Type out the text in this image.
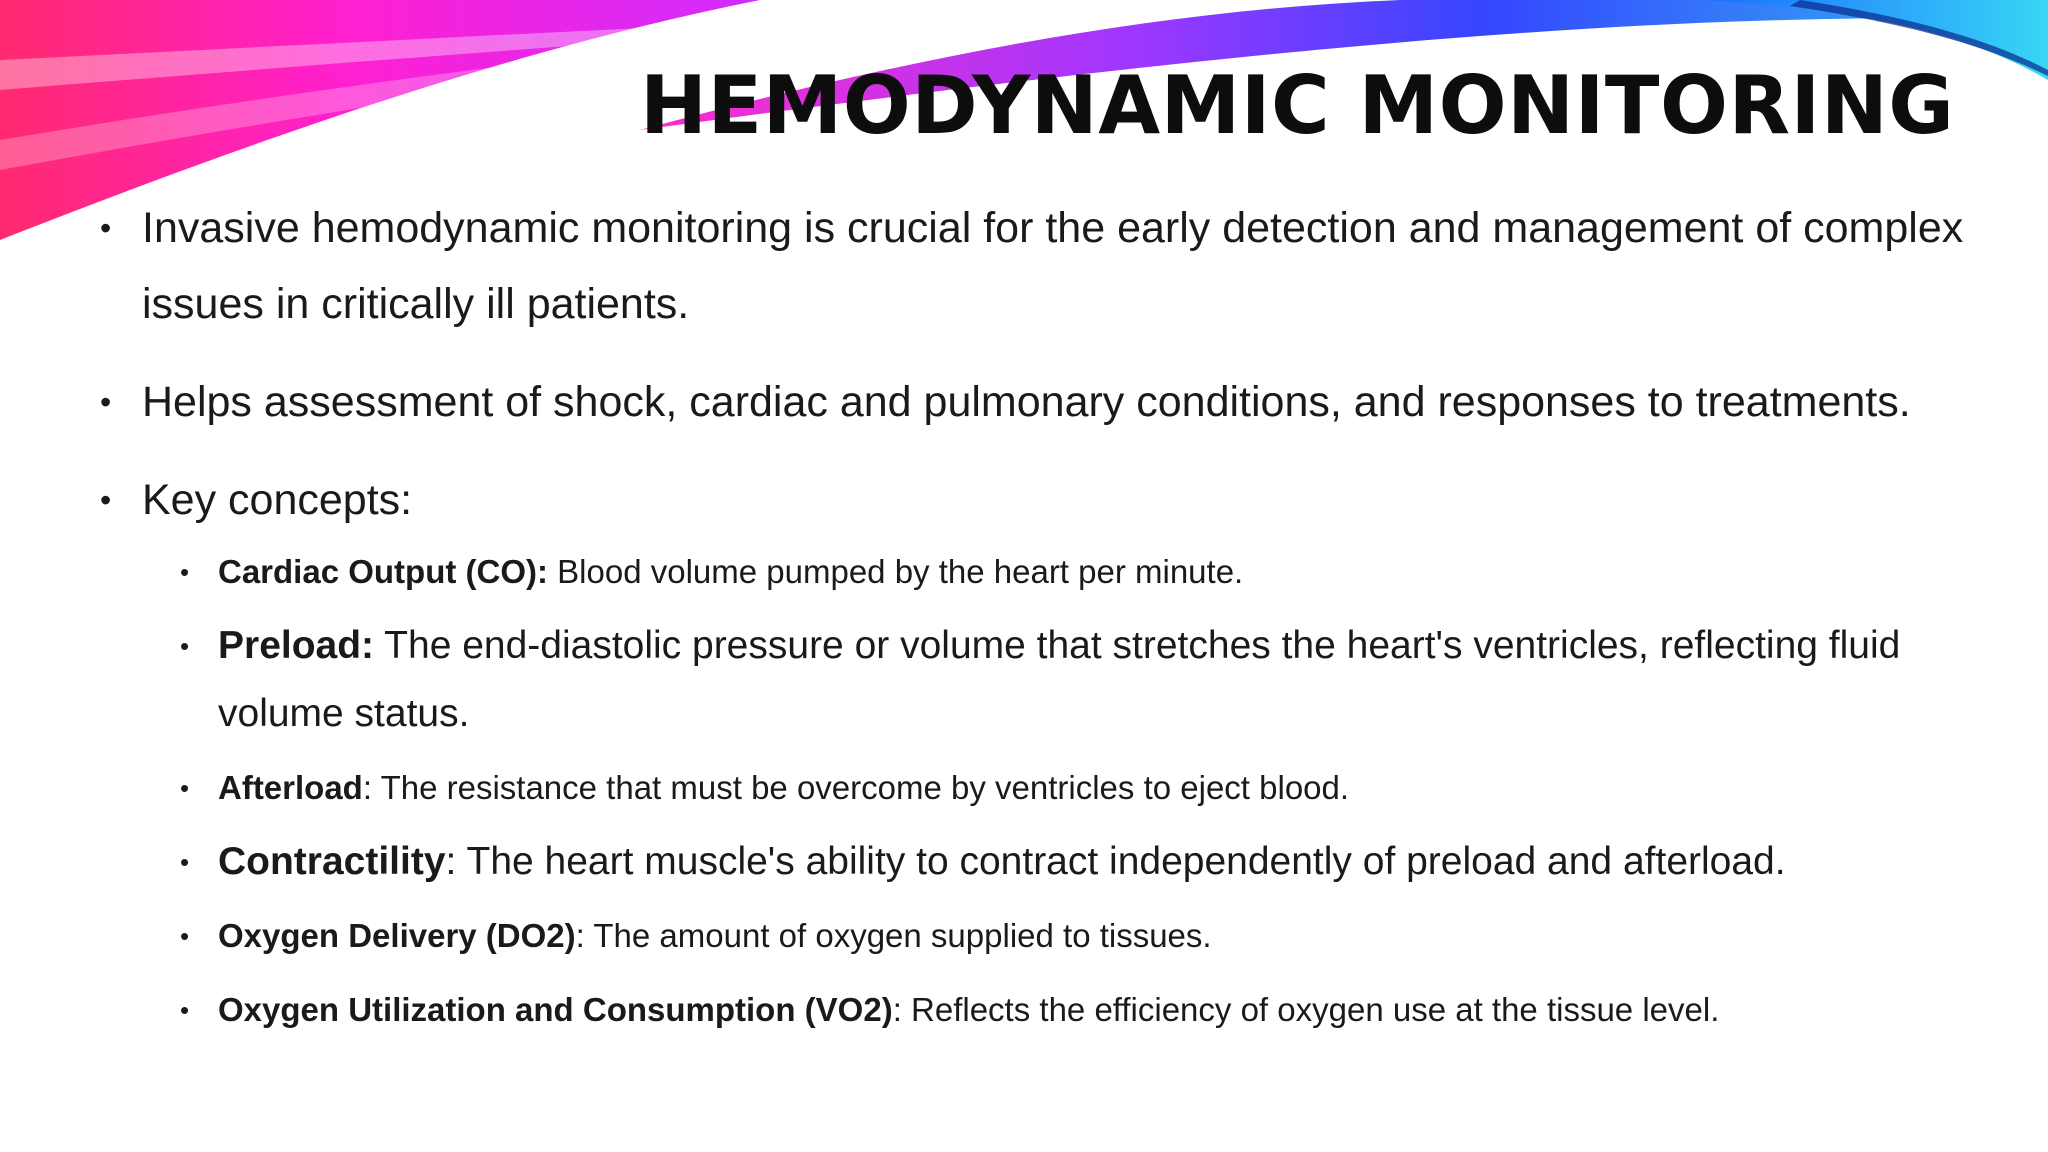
HEMODYNAMIC MONITORING
• Invasive hemodynamic monitoring is crucial for the early detection and management of complex issues in critically ill patients.
• Helps assessment of shock, cardiac and pulmonary conditions, and responses to treatments.
• Key concepts:
• Cardiac Output (CO): Blood volume pumped by the heart per minute.
• Preload: The end-diastolic pressure or volume that stretches the heart's ventricles, reflecting fluid volume status.
• Afterload: The resistance that must be overcome by ventricles to eject blood.
• Contractility: The heart muscle's ability to contract independently of preload and afterload.
• Oxygen Delivery (DO2): The amount of oxygen supplied to tissues.
• Oxygen Utilization and Consumption (VO2): Reflects the efficiency of oxygen use at the tissue level.
